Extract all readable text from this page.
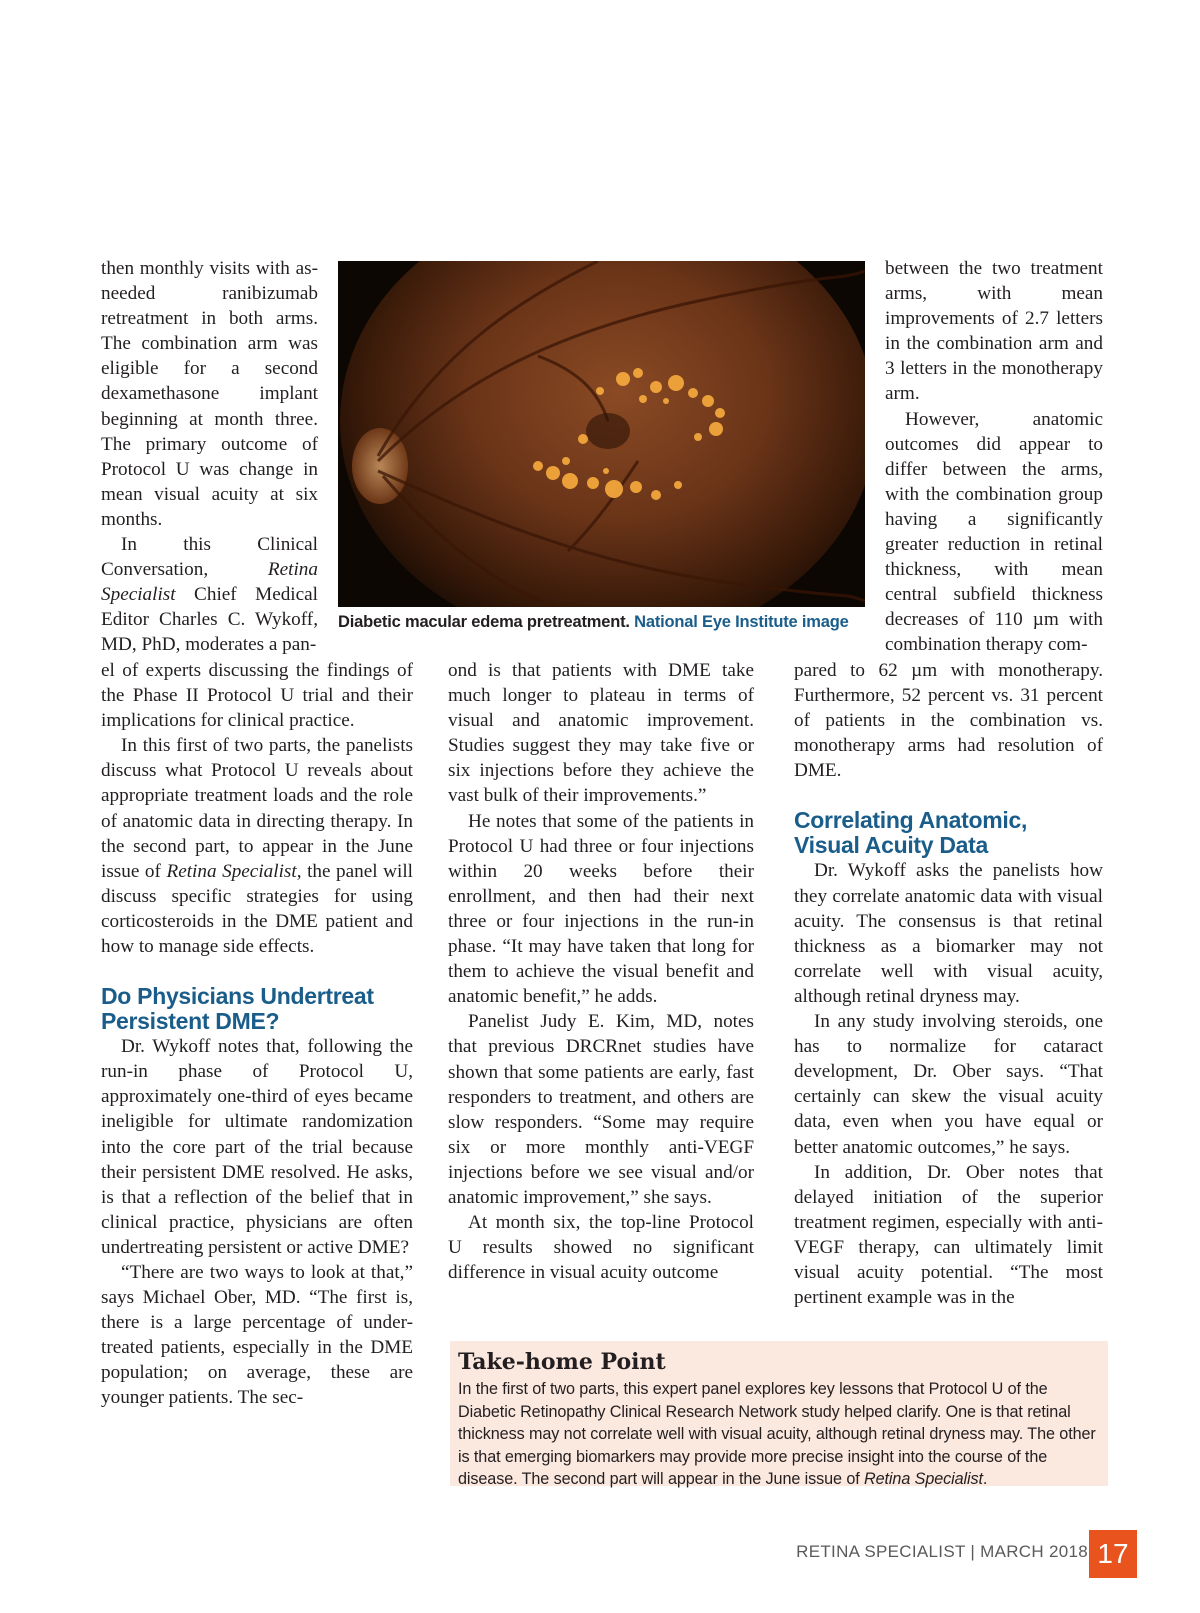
then monthly visits with as-needed ranibizumab retreatment in both arms. The combination arm was eligible for a second dexamethasone implant beginning at month three. The primary outcome of Protocol U was change in mean visual acuity at six months.

In this Clinical Conversation, Retina Specialist Chief Medical Editor Charles C. Wykoff, MD, PhD, moderates a pan-

el of experts discussing the findings of the Phase II Protocol U trial and their implications for clinical practice.

In this first of two parts, the panelists discuss what Protocol U reveals about appropriate treatment loads and the role of anatomic data in directing therapy. In the second part, to appear in the June issue of Retina Specialist, the panel will discuss specific strategies for using corticosteroids in the DME patient and how to manage side effects.

Do Physicians Undertreat
Persistent DME?

Dr. Wykoff notes that, following the run-in phase of Protocol U, approximately one-third of eyes became ineligible for ultimate randomization into the core part of the trial because their persistent DME resolved. He asks, is that a reflection of the belief that in clinical practice, physicians are often undertreating persistent or active DME?

“There are two ways to look at that,” says Michael Ober, MD. “The first is, there is a large percentage of under-treated patients, especially in the DME population; on average, these are younger patients. The sec-

Diabetic macular edema pretreatment. National Eye Institute image

ond is that patients with DME take much longer to plateau in terms of visual and anatomic improvement. Studies suggest they may take five or six injections before they achieve the vast bulk of their improvements.”

He notes that some of the patients in Protocol U had three or four injections within 20 weeks before their enrollment, and then had their next three or four injections in the run-in phase. “It may have taken that long for them to achieve the visual benefit and anatomic benefit,” he adds.

Panelist Judy E. Kim, MD, notes that previous DRCRnet studies have shown that some patients are early, fast responders to treatment, and others are slow responders. “Some may require six or more monthly anti-VEGF injections before we see visual and/or anatomic improvement,” she says.

At month six, the top-line Protocol U results showed no significant difference in visual acuity outcome

between the two treatment arms, with mean improvements of 2.7 letters in the combination arm and 3 letters in the monotherapy arm.

However, anatomic outcomes did appear to differ between the arms, with the combination group having a significantly greater reduction in retinal thickness, with mean central subfield thickness decreases of 110 µm with combination therapy com-

pared to 62 µm with monotherapy. Furthermore, 52 percent vs. 31 percent of patients in the combination vs. monotherapy arms had resolution of DME.

Correlating Anatomic,
Visual Acuity Data

Dr. Wykoff asks the panelists how they correlate anatomic data with visual acuity. The consensus is that retinal thickness as a biomarker may not correlate well with visual acuity, although retinal dryness may.

In any study involving steroids, one has to normalize for cataract development, Dr. Ober says. “That certainly can skew the visual acuity data, even when you have equal or better anatomic outcomes,” he says.

In addition, Dr. Ober notes that delayed initiation of the superior treatment regimen, especially with anti-VEGF therapy, can ultimately limit visual acuity potential. “The most pertinent example was in the

Take-home Point

In the first of two parts, this expert panel explores key lessons that Protocol U of the Diabetic Retinopathy Clinical Research Network study helped clarify. One is that retinal thickness may not correlate well with visual acuity, although retinal dryness may. The other is that emerging biomarkers may provide more precise insight into the course of the disease. The second part will appear in the June issue of Retina Specialist.

RETINA SPECIALIST | MARCH 2018 17
